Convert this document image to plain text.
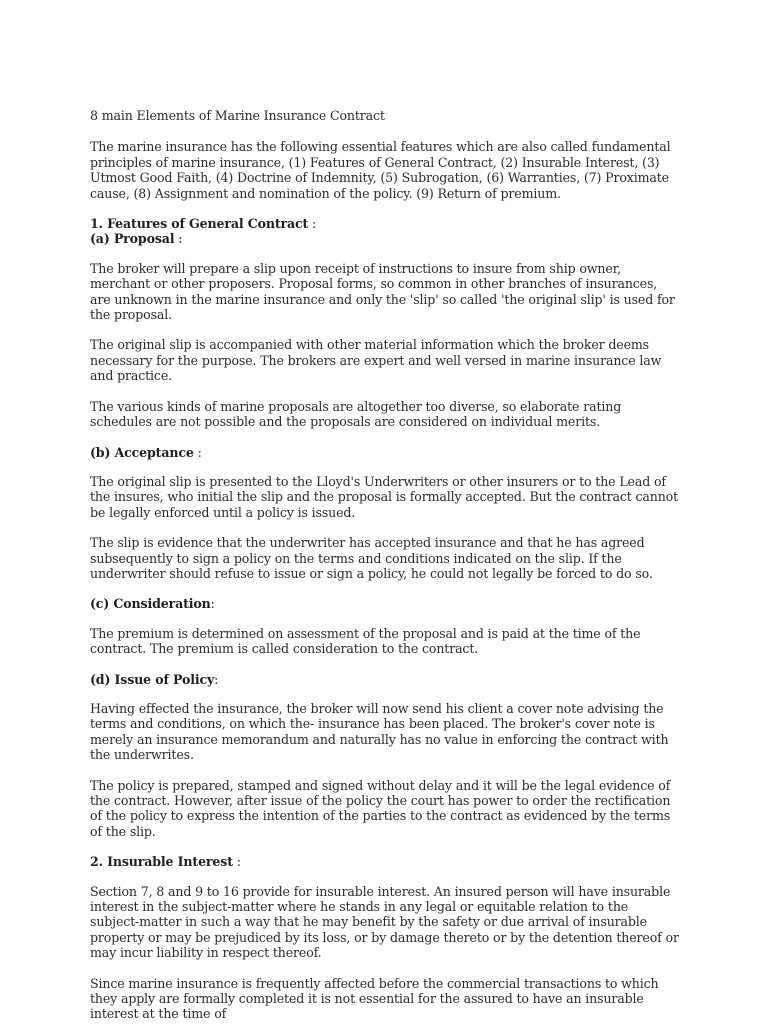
8 main Elements of Marine Insurance Contract

The marine insurance has the following essential features which are also called fundamental principles of marine insurance, (1) Features of General Contract, (2) Insurable Interest, (3) Utmost Good Faith, (4) Doctrine of Indemnity, (5) Subrogation, (6) Warranties, (7) Proximate cause, (8) Assignment and nomination of the policy. (9) Return of premium.

1. Features of General Contract :
(a) Proposal :

The broker will prepare a slip upon receipt of instructions to insure from ship owner, merchant or other proposers. Proposal forms, so common in other branches of insurances, are unknown in the marine insurance and only the 'slip' so called 'the original slip' is used for the proposal.

The original slip is accompanied with other material information which the broker deems necessary for the purpose. The brokers are expert and well versed in marine insurance law and practice.

The various kinds of marine proposals are altogether too diverse, so elaborate rating schedules are not possible and the proposals are considered on individual merits.

(b) Acceptance :

The original slip is presented to the Lloyd's Underwriters or other insurers or to the Lead of the insures, who initial the slip and the proposal is formally accepted. But the contract cannot be legally enforced until a policy is issued.

The slip is evidence that the underwriter has accepted insurance and that he has agreed subsequently to sign a policy on the terms and conditions indicated on the slip. If the underwriter should refuse to issue or sign a policy, he could not legally be forced to do so.

(c) Consideration:

The premium is determined on assessment of the proposal and is paid at the time of the contract. The premium is called consideration to the contract.

(d) Issue of Policy:

Having effected the insurance, the broker will now send his client a cover note advising the terms and conditions, on which the- insurance has been placed. The broker's cover note is merely an insurance memorandum and naturally has no value in enforcing the contract with the underwrites.

The policy is prepared, stamped and signed without delay and it will be the legal evidence of the contract. However, after issue of the policy the court has power to order the rectification of the policy to express the intention of the parties to the contract as evidenced by the terms of the slip.

2. Insurable Interest :

Section 7, 8 and 9 to 16 provide for insurable interest. An insured person will have insurable interest in the subject-matter where he stands in any legal or equitable relation to the subject-matter in such a way that he may benefit by the safety or due arrival of insurable property or may be prejudiced by its loss, or by damage thereto or by the detention thereof or may incur liability in respect thereof.

Since marine insurance is frequently affected before the commercial transactions to which they apply are formally completed it is not essential for the assured to have an insurable interest at the time of
